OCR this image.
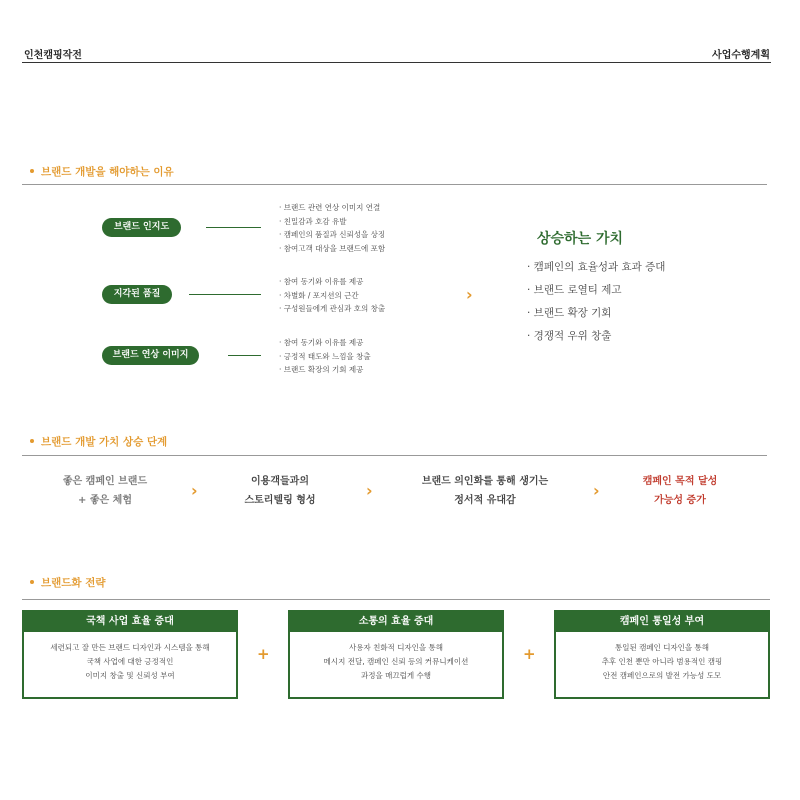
인천캠핑작전	사업수행계획
브랜드 개발을 해야하는 이유
브랜드 인지도
· 브랜드 관련 연상 이미지 연결
· 친밀감과 호감 유발
· 캠페인의 품질과 신뢰성을 상징
· 참여고객 대상을 브랜드에 포함
지각된 품질
· 참여 동기와 이유를 제공
· 차별화 / 포지션의 근간
· 구성원들에게 관심과 호의 창출
브랜드 연상 이미지
· 참여 동기와 이유를 제공
· 긍정적 태도와 느낌을 창출
· 브랜드 확장의 기회 제공
›
상승하는 가치
· 캠페인의 효율성과 효과 증대
· 브랜드 로열티 제고
· 브랜드 확장 기회
· 경쟁적 우위 창출
브랜드 개발 가치 상승 단계
좋은 캠페인 브랜드
+ 좋은 체험
›	이용객들과의
스토리텔링 형성
›	브랜드 의인화를 통해 생기는
정서적 유대감
›	캠페인 목적 달성
가능성 증가
브랜드화 전략
국책 사업 효율 증대
세련되고 잘 만든 브랜드 디자인과 시스템을 통해
국책 사업에 대한 긍정적인
이미지 창출 및 신뢰성 부여
+
소통의 효율 증대
사용자 친화적 디자인을 통해
메시지 전달, 캠페인 신뢰 등의 커뮤니케이션
과정을 매끄럽게 수행
+
캠페인 통일성 부여
통일된 캠페인 디자인을 통해
추후 인천 뿐만 아니라 범용적인 캠핑
안전 캠페인으로의 발전 가능성 도모
